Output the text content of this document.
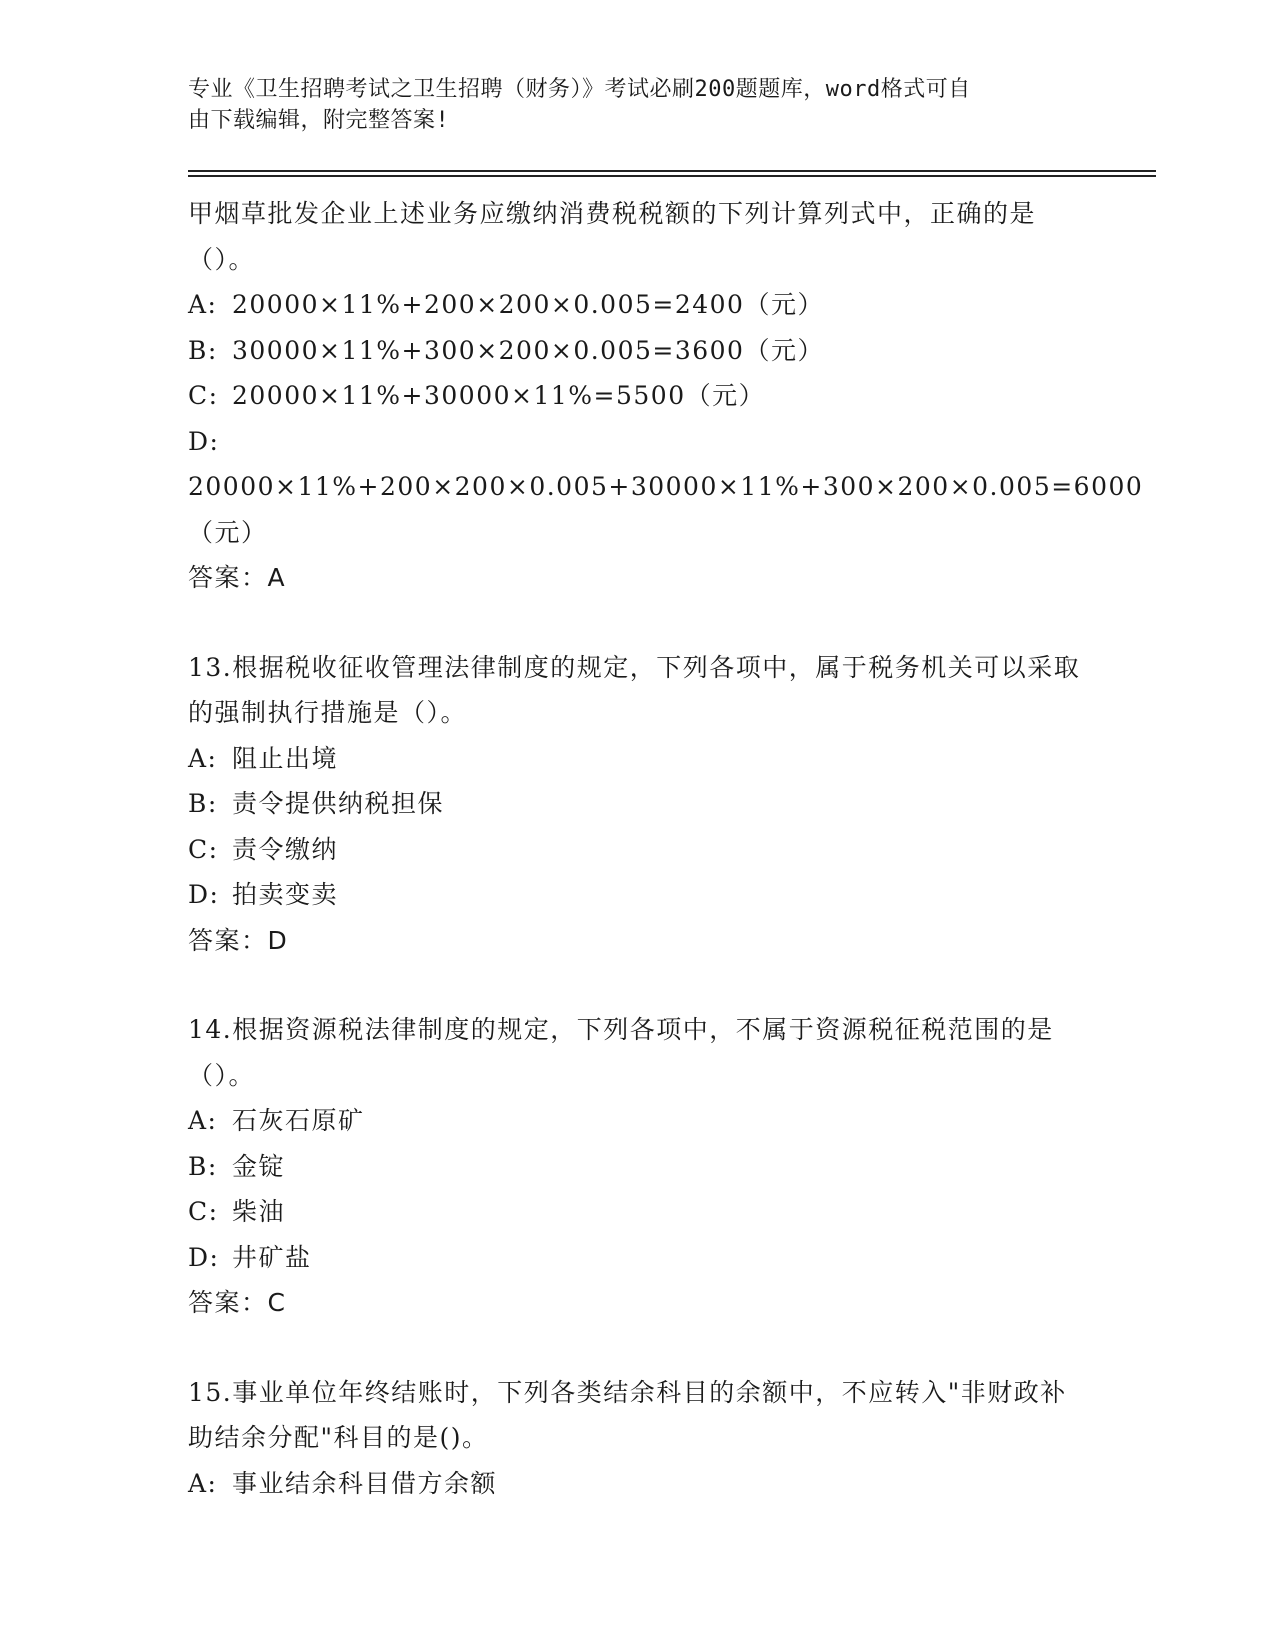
专业《卫生招聘考试之卫生招聘（财务）》考试必刷200题题库，word格式可自
由下载编辑，附完整答案!
甲烟草批发企业上述业务应缴纳消费税税额的下列计算列式中，正确的是（）。
A: 20000×11%+200×200×0.005=2400（元）
B: 30000×11%+300×200×0.005=3600（元）
C: 20000×11%+30000×11%=5500（元）
D:20000×11%+200×200×0.005+30000×11%+300×200×0.005=6000（元）
答案：A
13.根据税收征收管理法律制度的规定，下列各项中，属于税务机关可以采取的强制执行措施是（）。
A: 阻止出境
B: 责令提供纳税担保
C: 责令缴纳
D: 拍卖变卖
答案：D
14.根据资源税法律制度的规定，下列各项中，不属于资源税征税范围的是（）。
A: 石灰石原矿
B: 金锭
C: 柴油
D: 井矿盐
答案：C
15.事业单位年终结账时，下列各类结余科目的余额中，不应转入"非财政补助结余分配"科目的是()。
A: 事业结余科目借方余额
